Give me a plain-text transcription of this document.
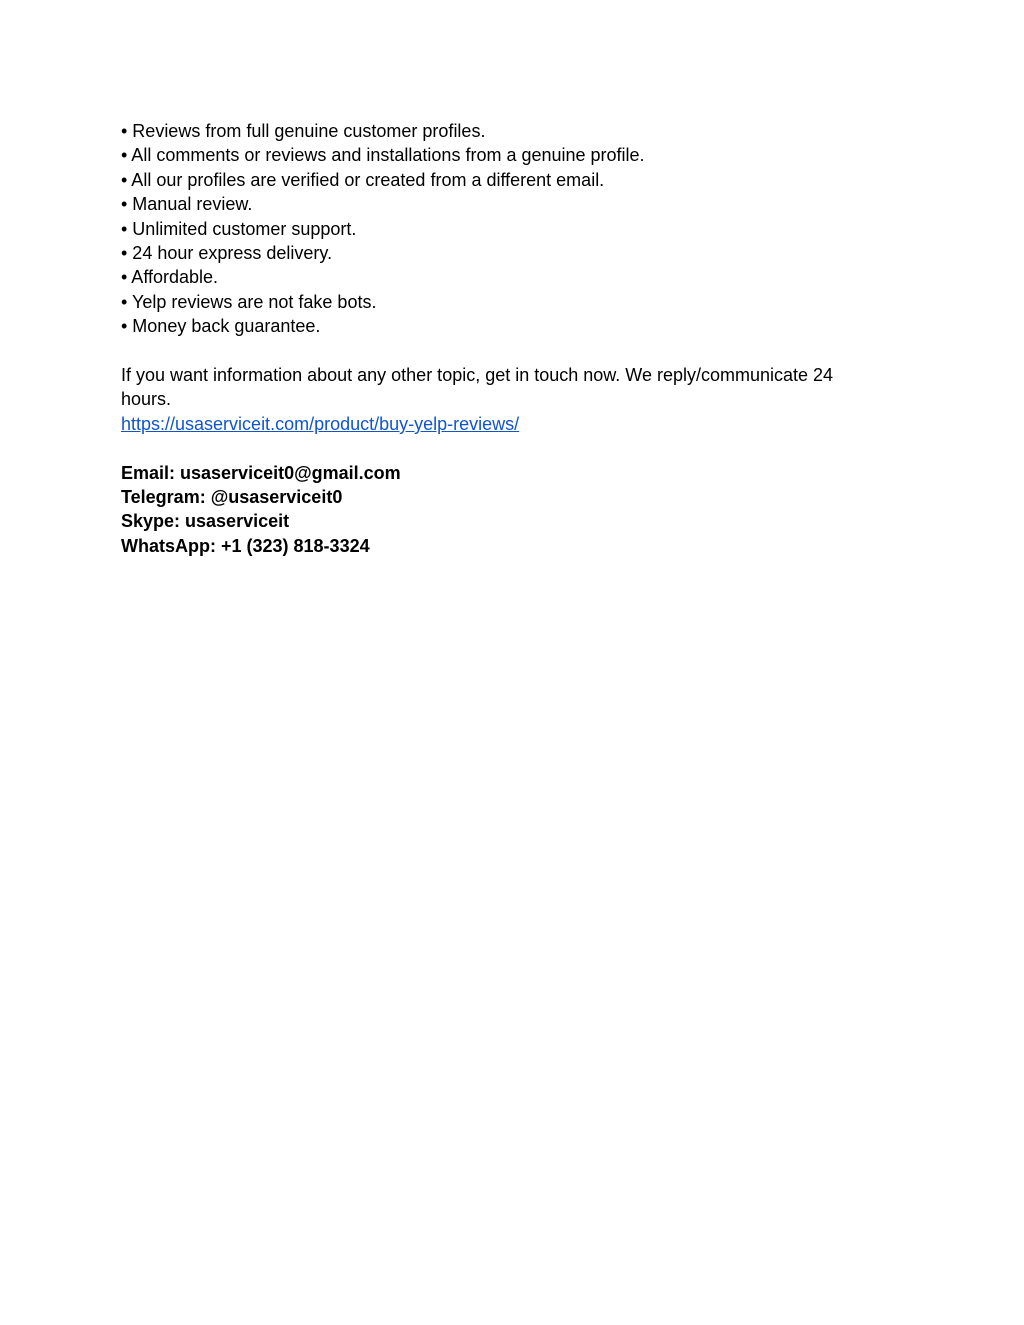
• Reviews from full genuine customer profiles.

• All comments or reviews and installations from a genuine profile.

• All our profiles are verified or created from a different email.

• Manual review.

• Unlimited customer support.

• 24 hour express delivery.

• Affordable.

• Yelp reviews are not fake bots.

• Money back guarantee.

If you want information about any other topic, get in touch now. We reply/communicate 24 hours.

https://usaserviceit.com/product/buy-yelp-reviews/

Email: usaserviceit0@gmail.com

Telegram: @usaserviceit0

Skype: usaserviceit

WhatsApp: +1 (323) 818-3324
